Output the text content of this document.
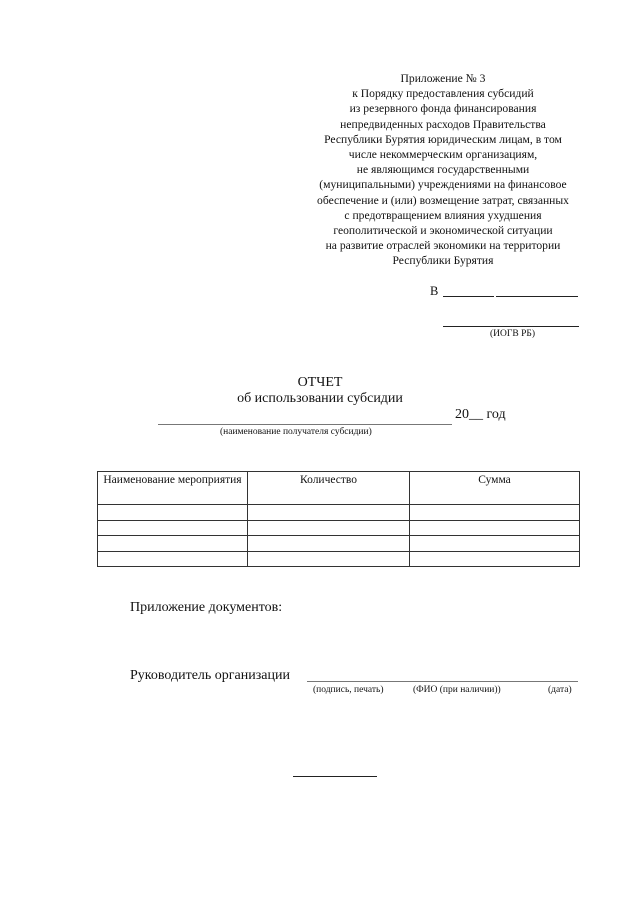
Приложение № 3
к Порядку предоставления субсидий
из резервного фонда финансирования
непредвиденных расходов Правительства
Республики Бурятия юридическим лицам, в том
числе некоммерческим организациям,
не являющимся государственными
(муниципальными) учреждениями на финансовое
обеспечение и (или) возмещение затрат, связанных
с предотвращением влияния ухудшения
геополитической и экономической ситуации
на развитие отраслей экономики на территории
Республики Бурятия
В
(ИОГВ РБ)
ОТЧЕТ
об использовании субсидии
20__ год
(наименование получателя субсидии)
Наименование мероприятия	Количество	Сумма

Приложение документов:
Руководитель организации
(подпись, печать)	(ФИО (при наличии))	(дата)
